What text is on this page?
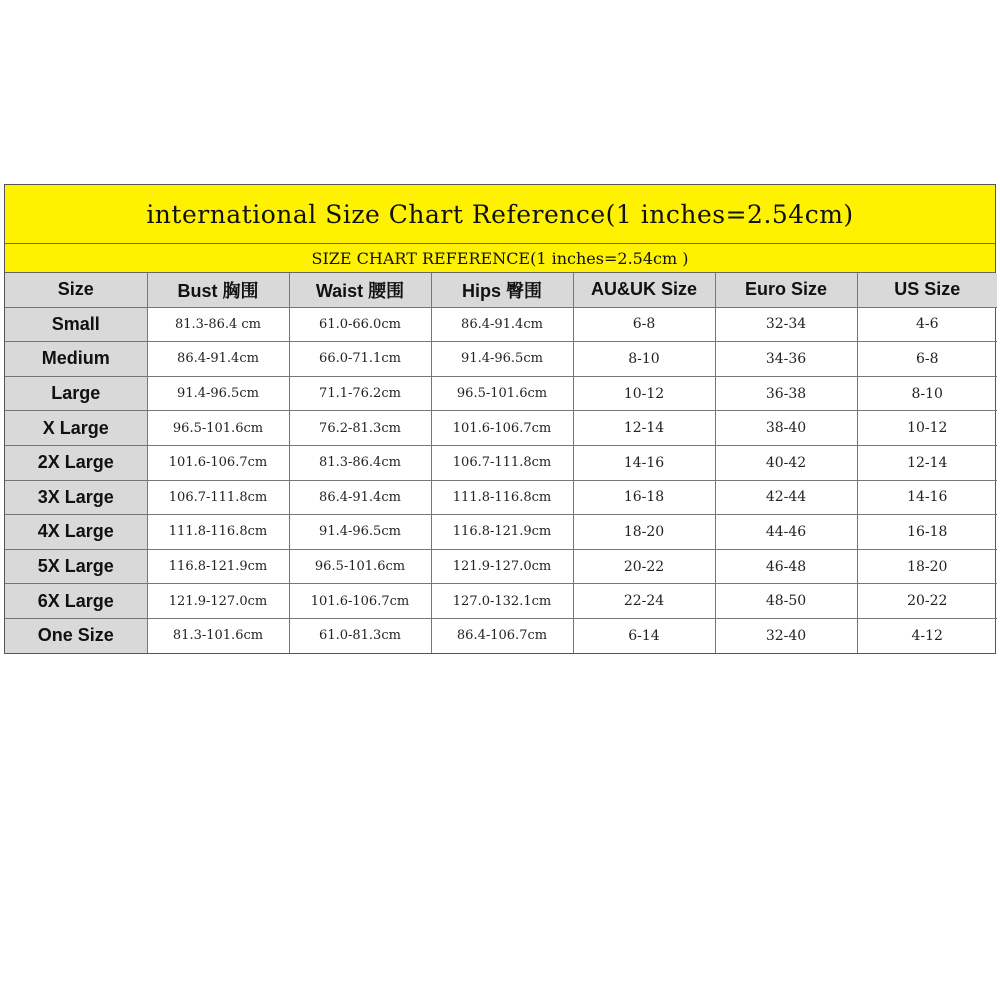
international Size Chart Reference(1 inches=2.54cm)
SIZE CHART REFERENCE(1 inches=2.54cm )
Size	Bust 胸围	Waist 腰围	Hips 臀围	AU&UK Size	Euro Size	US Size
Small	81.3-86.4 cm	61.0-66.0cm	86.4-91.4cm	6-8	32-34	4-6
Medium	86.4-91.4cm	66.0-71.1cm	91.4-96.5cm	8-10	34-36	6-8
Large	91.4-96.5cm	71.1-76.2cm	96.5-101.6cm	10-12	36-38	8-10
X Large	96.5-101.6cm	76.2-81.3cm	101.6-106.7cm	12-14	38-40	10-12
2X Large	101.6-106.7cm	81.3-86.4cm	106.7-111.8cm	14-16	40-42	12-14
3X Large	106.7-111.8cm	86.4-91.4cm	111.8-116.8cm	16-18	42-44	14-16
4X Large	111.8-116.8cm	91.4-96.5cm	116.8-121.9cm	18-20	44-46	16-18
5X Large	116.8-121.9cm	96.5-101.6cm	121.9-127.0cm	20-22	46-48	18-20
6X Large	121.9-127.0cm	101.6-106.7cm	127.0-132.1cm	22-24	48-50	20-22
One Size	81.3-101.6cm	61.0-81.3cm	86.4-106.7cm	6-14	32-40	4-12
